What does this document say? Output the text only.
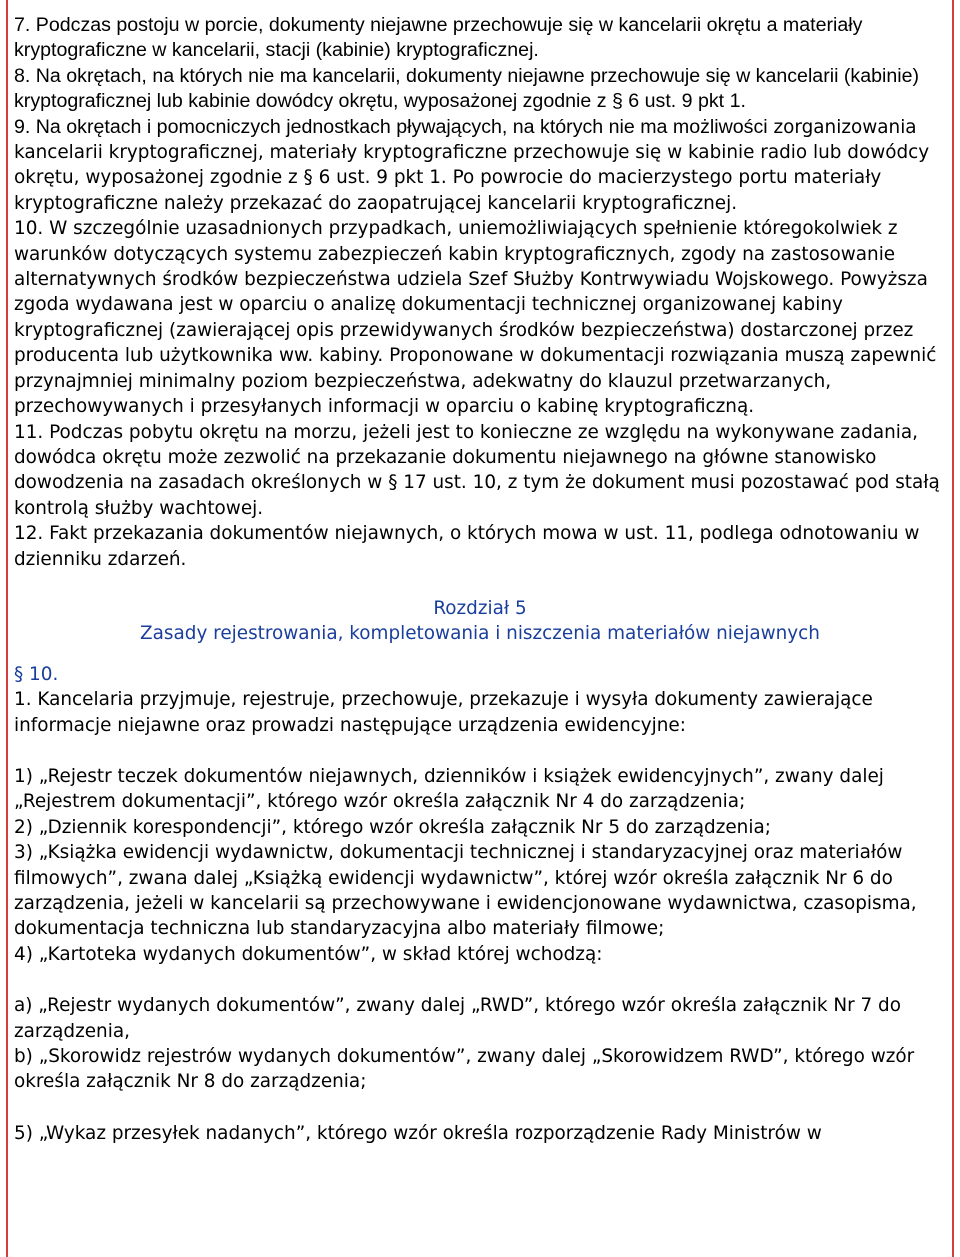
7. Podczas postoju w porcie, dokumenty niejawne przechowuje się w kancelarii okrętu a materiały kryptograficzne w kancelarii, stacji (kabinie) kryptograficznej.

8. Na okrętach, na których nie ma kancelarii, dokumenty niejawne przechowuje się w kancelarii (kabinie) kryptograficznej lub kabinie dowódcy okrętu, wyposażonej zgodnie z § 6 ust. 9 pkt 1.

9. Na okrętach i pomocniczych jednostkach pływających, na których nie ma możliwości zorganizowania kancelarii kryptograficznej, materiały kryptograficzne przechowuje się w kabinie radio lub dowódcy okrętu, wyposażonej zgodnie z § 6 ust. 9 pkt 1. Po powrocie do macierzystego portu materiały kryptograficzne należy przekazać do zaopatrującej kancelarii kryptograficznej.

10. W szczególnie uzasadnionych przypadkach, uniemożliwiających spełnienie któregokolwiek z warunków dotyczących systemu zabezpieczeń kabin kryptograficznych, zgody na zastosowanie alternatywnych środków bezpieczeństwa udziela Szef Służby Kontrwywiadu Wojskowego. Powyższa zgoda wydawana jest w oparciu o analizę dokumentacji technicznej organizowanej kabiny kryptograficznej (zawierającej opis przewidywanych środków bezpieczeństwa) dostarczonej przez producenta lub użytkownika ww. kabiny. Proponowane w dokumentacji rozwiązania muszą zapewnić przynajmniej minimalny poziom bezpieczeństwa, adekwatny do klauzul przetwarzanych, przechowywanych i przesyłanych informacji w oparciu o kabinę kryptograficzną.

11. Podczas pobytu okrętu na morzu, jeżeli jest to konieczne ze względu na wykonywane zadania, dowódca okrętu może zezwolić na przekazanie dokumentu niejawnego na główne stanowisko dowodzenia na zasadach określonych w § 17 ust. 10, z tym że dokument musi pozostawać pod stałą kontrolą służby wachtowej.

12. Fakt przekazania dokumentów niejawnych, o których mowa w ust. 11, podlega odnotowaniu w dzienniku zdarzeń.

Rozdział 5
Zasady rejestrowania, kompletowania i niszczenia materiałów niejawnych

§ 10.

1. Kancelaria przyjmuje, rejestruje, przechowuje, przekazuje i wysyła dokumenty zawierające informacje niejawne oraz prowadzi następujące urządzenia ewidencyjne:

1) „Rejestr teczek dokumentów niejawnych, dzienników i książek ewidencyjnych”, zwany dalej „Rejestrem dokumentacji”, którego wzór określa załącznik Nr 4 do zarządzenia;

2) „Dziennik korespondencji”, którego wzór określa załącznik Nr 5 do zarządzenia;

3) „Książka ewidencji wydawnictw, dokumentacji technicznej i standaryzacyjnej oraz materiałów filmowych”, zwana dalej „Książką ewidencji wydawnictw”, której wzór określa załącznik Nr 6 do zarządzenia, jeżeli w kancelarii są przechowywane i ewidencjonowane wydawnictwa, czasopisma, dokumentacja techniczna lub standaryzacyjna albo materiały filmowe;

4) „Kartoteka wydanych dokumentów”, w skład której wchodzą:

a) „Rejestr wydanych dokumentów”, zwany dalej „RWD”, którego wzór określa załącznik Nr 7 do zarządzenia,

b) „Skorowidz rejestrów wydanych dokumentów”, zwany dalej „Skorowidzem RWD”, którego wzór określa załącznik Nr 8 do zarządzenia;

5) „Wykaz przesyłek nadanych”, którego wzór określa rozporządzenie Rady Ministrów w
